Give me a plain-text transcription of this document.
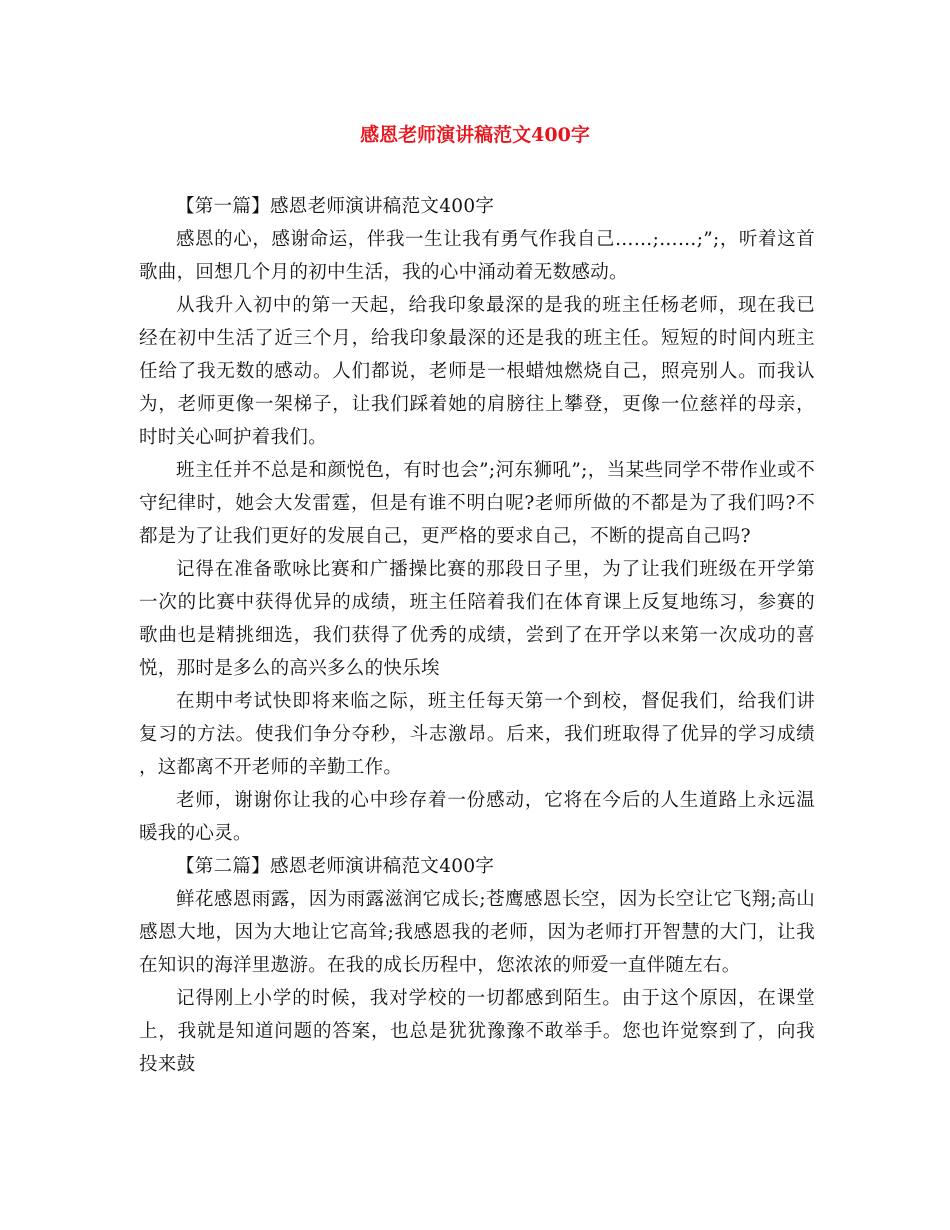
感恩老师演讲稿范文400字

【第一篇】感恩老师演讲稿范文400字

感恩的心，感谢命运，伴我一生让我有勇气作我自己……;……;”;，听着这首歌曲，回想几个月的初中生活，我的心中涌动着无数感动。

从我升入初中的第一天起，给我印象最深的是我的班主任杨老师，现在我已经在初中生活了近三个月，给我印象最深的还是我的班主任。短短的时间内班主任给了我无数的感动。人们都说，老师是一根蜡烛燃烧自己，照亮别人。而我认为，老师更像一架梯子，让我们踩着她的肩膀往上攀登，更像一位慈祥的母亲，时时关心呵护着我们。

班主任并不总是和颜悦色，有时也会”;河东狮吼”;，当某些同学不带作业或不守纪律时，她会大发雷霆，但是有谁不明白呢?老师所做的不都是为了我们吗?不都是为了让我们更好的发展自己，更严格的要求自己，不断的提高自己吗?

记得在准备歌咏比赛和广播操比赛的那段日子里，为了让我们班级在开学第一次的比赛中获得优异的成绩，班主任陪着我们在体育课上反复地练习，参赛的歌曲也是精挑细选，我们获得了优秀的成绩，尝到了在开学以来第一次成功的喜悦，那时是多么的高兴多么的快乐埃

在期中考试快即将来临之际，班主任每天第一个到校，督促我们，给我们讲复习的方法。使我们争分夺秒，斗志激昂。后来，我们班取得了优异的学习成绩，这都离不开老师的辛勤工作。

老师，谢谢你让我的心中珍存着一份感动，它将在今后的人生道路上永远温暖我的心灵。

【第二篇】感恩老师演讲稿范文400字

鲜花感恩雨露，因为雨露滋润它成长;苍鹰感恩长空，因为长空让它飞翔;高山感恩大地，因为大地让它高耸;我感恩我的老师，因为老师打开智慧的大门，让我在知识的海洋里遨游。在我的成长历程中，您浓浓的师爱一直伴随左右。

记得刚上小学的时候，我对学校的一切都感到陌生。由于这个原因，在课堂上，我就是知道问题的答案，也总是犹犹豫豫不敢举手。您也许觉察到了，向我投来鼓
